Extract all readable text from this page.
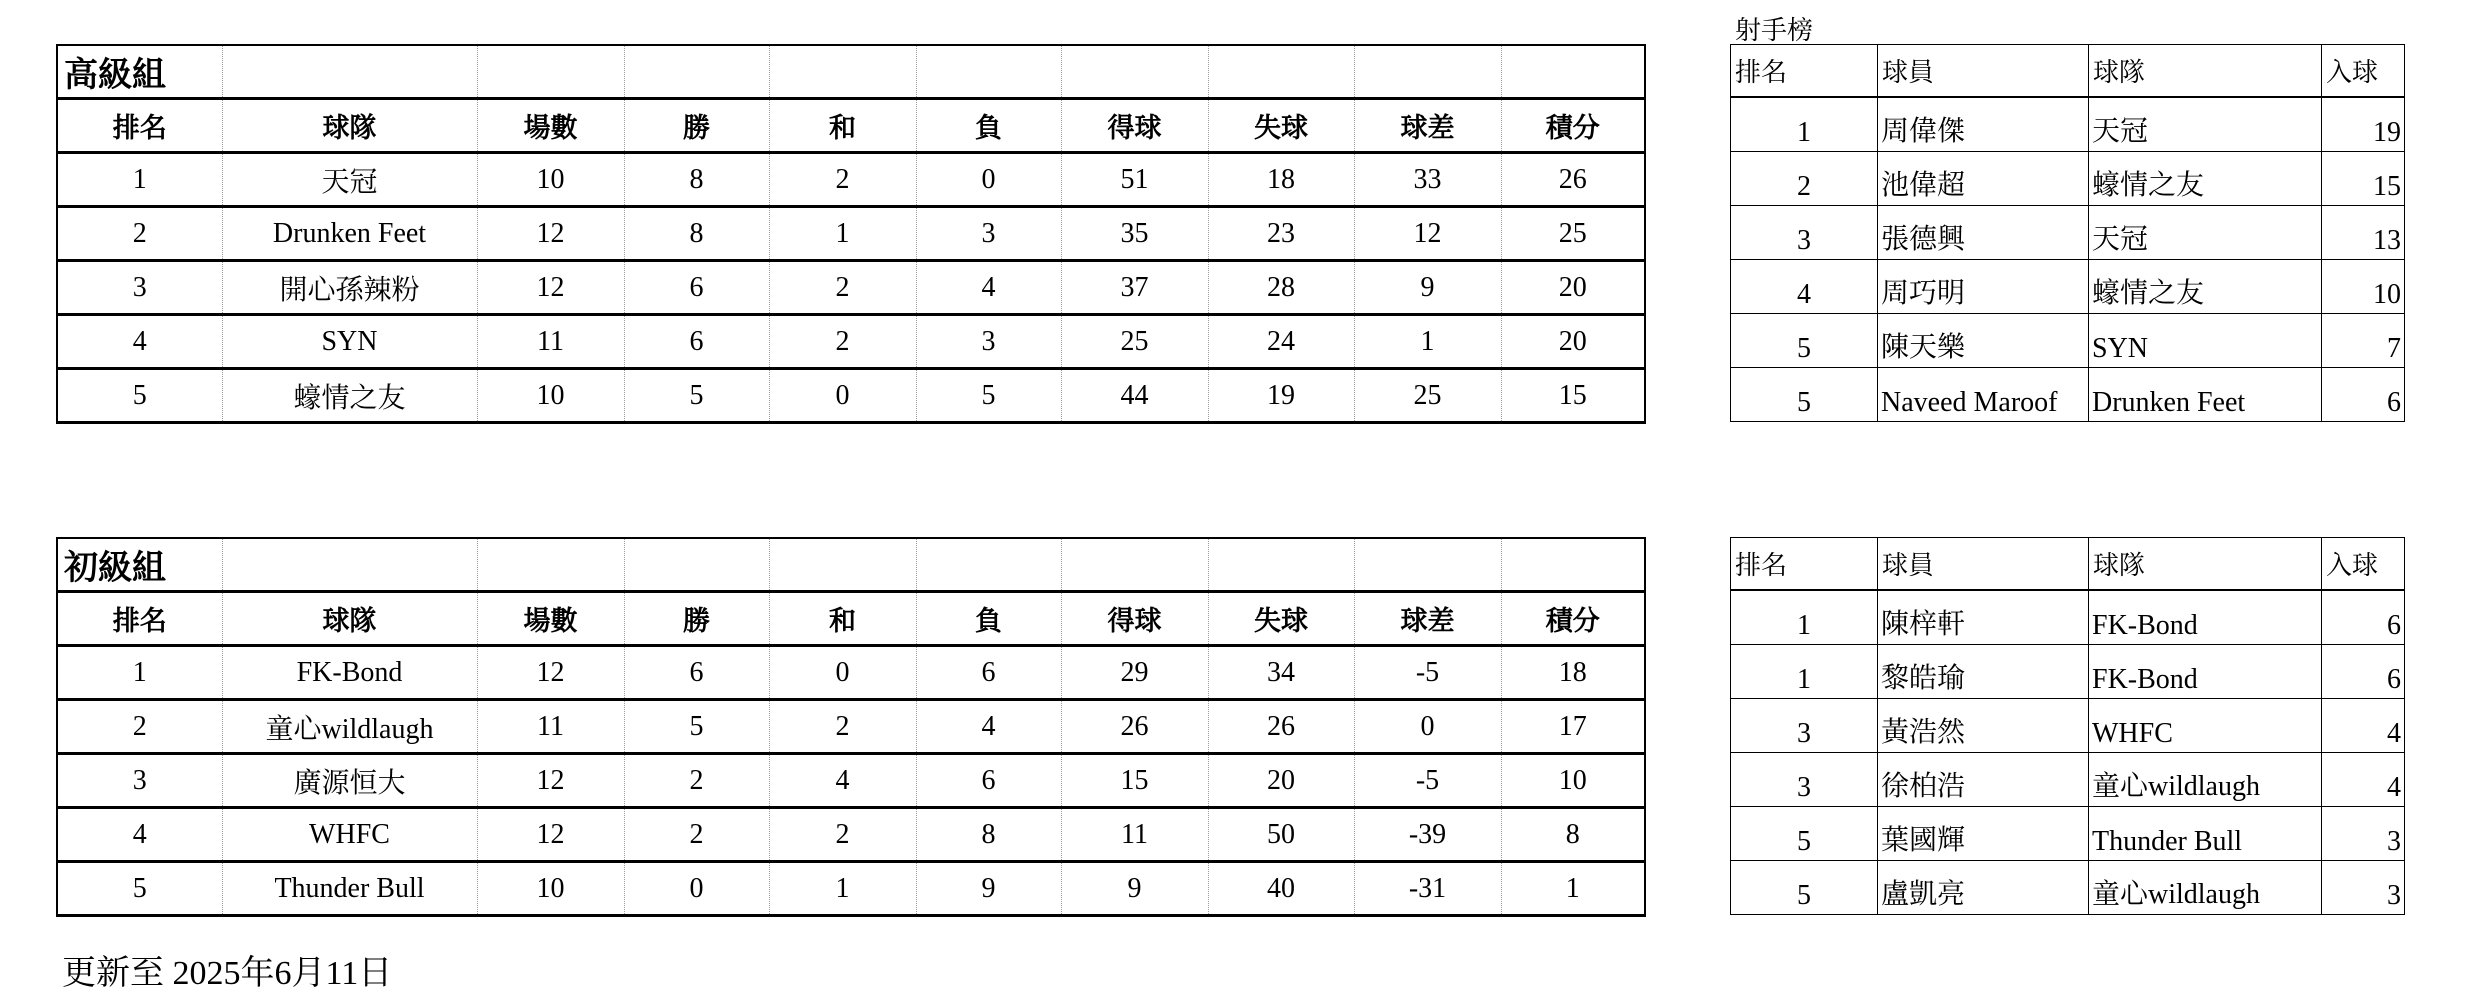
高級組									
排名	球隊	場數	勝	和	負	得球	失球	球差	積分
1	天冠	10	8	2	0	51	18	33	26
2	Drunken Feet	12	8	1	3	35	23	12	25
3	開心孫辣粉	12	6	2	4	37	28	9	20
4	SYN	11	6	2	3	25	24	1	20
5	蠔情之友	10	5	0	5	44	19	25	15
初級組									
排名	球隊	場數	勝	和	負	得球	失球	球差	積分
1	FK-Bond	12	6	0	6	29	34	-5	18
2	童心wildlaugh	11	5	2	4	26	26	0	17
3	廣源恒大	12	2	4	6	15	20	-5	10
4	WHFC	12	2	2	8	11	50	-39	8
5	Thunder Bull	10	0	1	9	9	40	-31	1
射手榜
排名	球員	球隊	入球
1	周偉傑	天冠	19
2	池偉超	蠔情之友	15
3	張德興	天冠	13
4	周巧明	蠔情之友	10
5	陳天樂	SYN	7
5	Naveed Maroof	Drunken Feet	6
排名	球員	球隊	入球
1	陳梓軒	FK-Bond	6
1	黎皓瑜	FK-Bond	6
3	黃浩然	WHFC	4
3	徐柏浩	童心wildlaugh	4
5	葉國輝	Thunder Bull	3
5	盧凱亮	童心wildlaugh	3
更新至 2025年6月11日
